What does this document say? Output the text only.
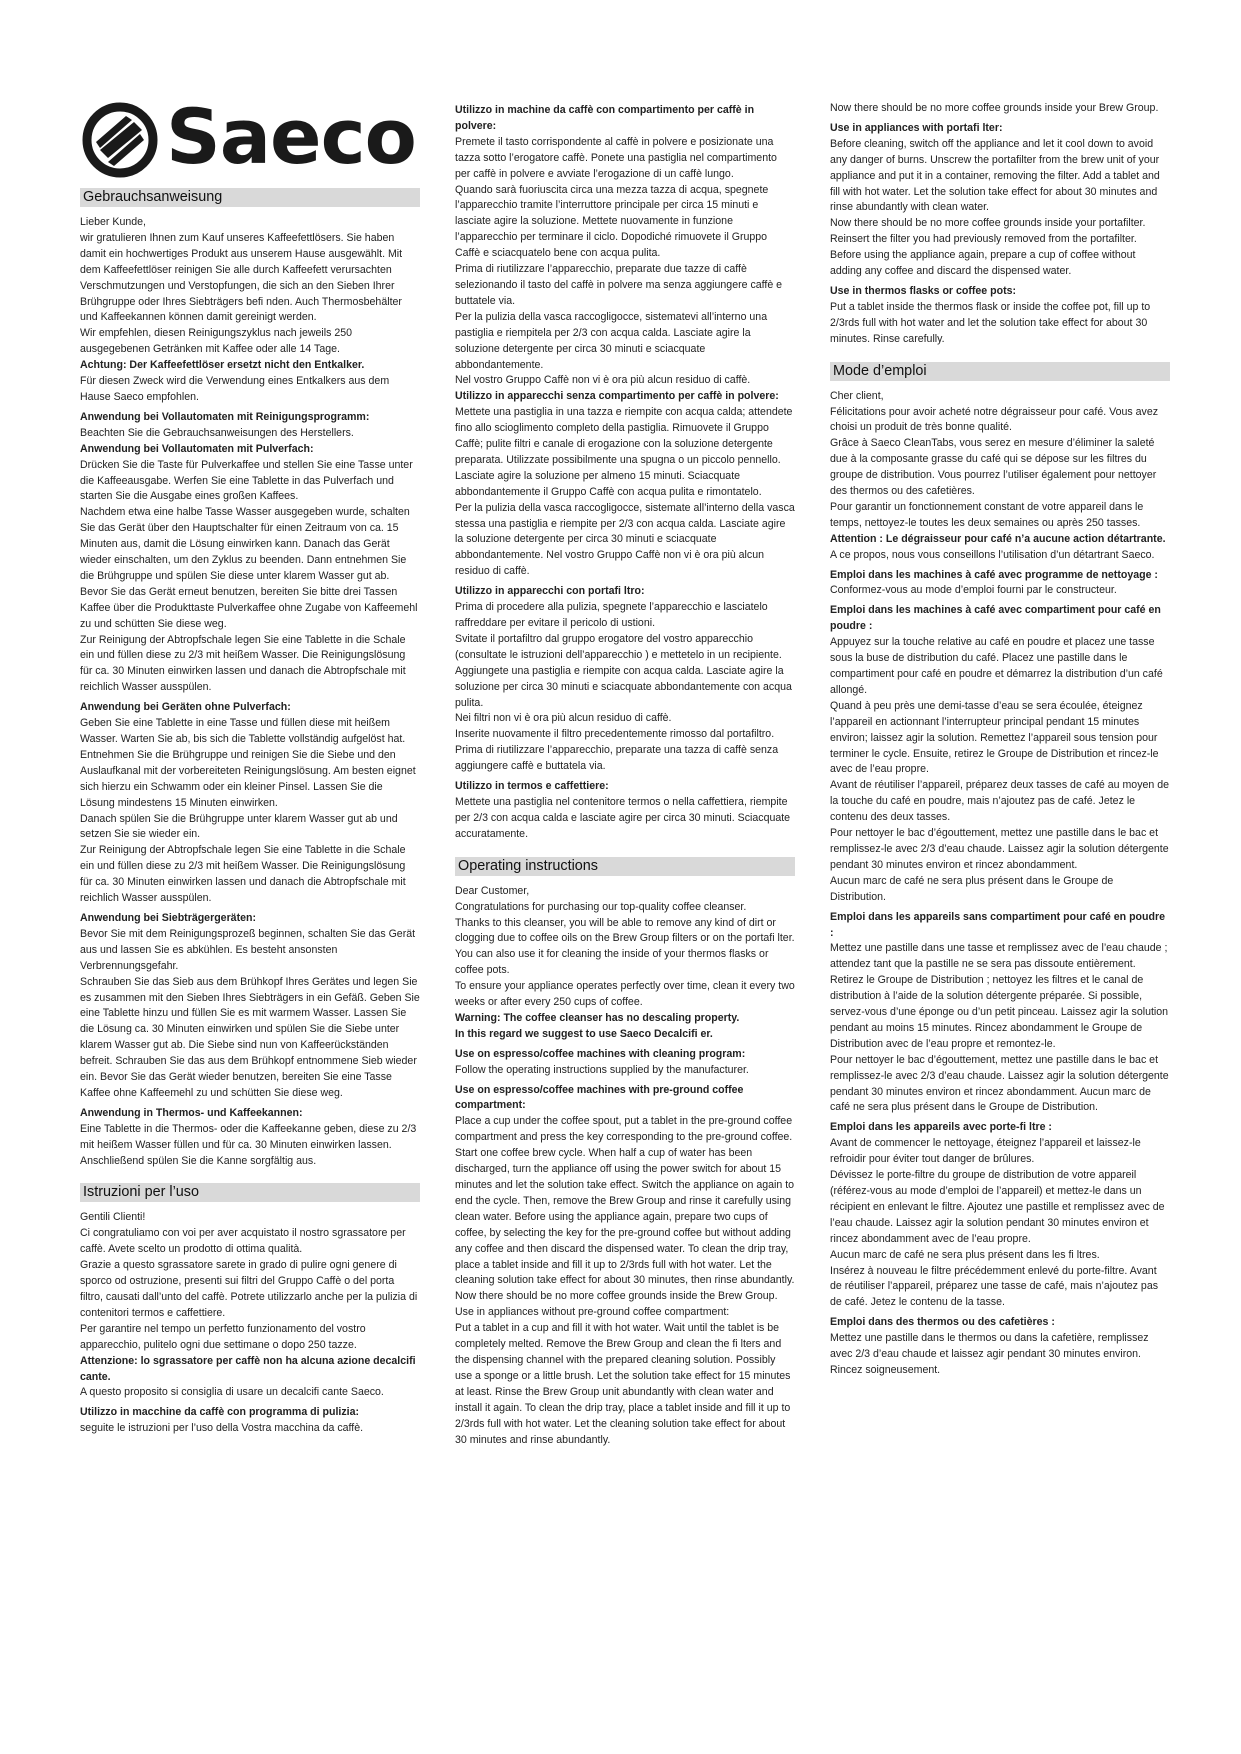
Saeco
Gebrauchsanweisung

Lieber Kunde,

wir gratulieren Ihnen zum Kauf unseres Kaffeefettlösers. Sie haben damit ein hochwertiges Produkt aus unserem Hause ausgewählt. Mit dem Kaffeefettlöser reinigen Sie alle durch Kaffeefett verursachten Verschmutzungen und Verstopfungen, die sich an den Sieben Ihrer Brühgruppe oder Ihres Siebträgers befi nden. Auch Thermosbehälter und Kaffeekannen können damit gereinigt werden.

Wir empfehlen, diesen Reinigungszyklus nach jeweils 250 ausgegebenen Getränken mit Kaffee oder alle 14 Tage.

Achtung: Der Kaffeefettlöser ersetzt nicht den Entkalker.

Für diesen Zweck wird die Verwendung eines Entkalkers aus dem Hause Saeco empfohlen.

Anwendung bei Vollautomaten mit Reinigungsprogramm:

Beachten Sie die Gebrauchsanweisungen des Herstellers.

Anwendung bei Vollautomaten mit Pulverfach:

Drücken Sie die Taste für Pulverkaffee und stellen Sie eine Tasse unter die Kaffeeausgabe. Werfen Sie eine Tablette in das Pulverfach und starten Sie die Ausgabe eines großen Kaffees.

Nachdem etwa eine halbe Tasse Wasser ausgegeben wurde, schalten Sie das Gerät über den Hauptschalter für einen Zeitraum von ca. 15 Minuten aus, damit die Lösung einwirken kann. Danach das Gerät wieder einschalten, um den Zyklus zu beenden. Dann entnehmen Sie die Brühgruppe und spülen Sie diese unter klarem Wasser gut ab.

Bevor Sie das Gerät erneut benutzen, bereiten Sie bitte drei Tassen Kaffee über die Produkttaste Pulverkaffee ohne Zugabe von Kaffeemehl zu und schütten Sie diese weg.

Zur Reinigung der Abtropfschale legen Sie eine Tablette in die Schale ein und füllen diese zu 2/3 mit heißem Wasser. Die Reinigungslösung für ca. 30 Minuten einwirken lassen und danach die Abtropfschale mit reichlich Wasser ausspülen.

Anwendung bei Geräten ohne Pulverfach:

Geben Sie eine Tablette in eine Tasse und füllen diese mit heißem Wasser. Warten Sie ab, bis sich die Tablette vollständig aufgelöst hat. Entnehmen Sie die Brühgruppe und reinigen Sie die Siebe und den Auslaufkanal mit der vorbereiteten Reinigungslösung. Am besten eignet sich hierzu ein Schwamm oder ein kleiner Pinsel. Lassen Sie die Lösung mindestens 15 Minuten einwirken.

Danach spülen Sie die Brühgruppe unter klarem Wasser gut ab und setzen Sie sie wieder ein.

Zur Reinigung der Abtropfschale legen Sie eine Tablette in die Schale ein und füllen diese zu 2/3 mit heißem Wasser. Die Reinigungslösung für ca. 30 Minuten einwirken lassen und danach die Abtropfschale mit reichlich Wasser ausspülen.

Anwendung bei Siebträgergeräten:

Bevor Sie mit dem Reinigungsprozeß beginnen, schalten Sie das Gerät aus und lassen Sie es abkühlen. Es besteht ansonsten Verbrennungsgefahr.

Schrauben Sie das Sieb aus dem Brühkopf Ihres Gerätes und legen Sie es zusammen mit den Sieben Ihres Siebträgers in ein Gefäß. Geben Sie eine Tablette hinzu und füllen Sie es mit warmem Wasser. Lassen Sie die Lösung ca. 30 Minuten einwirken und spülen Sie die Siebe unter klarem Wasser gut ab. Die Siebe sind nun von Kaffeerückständen befreit. Schrauben Sie das aus dem Brühkopf entnommene Sieb wieder ein. Bevor Sie das Gerät wieder benutzen, bereiten Sie eine Tasse Kaffee ohne Kaffeemehl zu und schütten Sie diese weg.

Anwendung in Thermos- und Kaffeekannen:

Eine Tablette in die Thermos- oder die Kaffeekanne geben, diese zu 2/3 mit heißem Wasser füllen und für ca. 30 Minuten einwirken lassen. Anschließend spülen Sie die Kanne sorgfältig aus.

Istruzioni per l’uso

Gentili Clienti!

Ci congratuliamo con voi per aver acquistato il nostro sgrassatore per caffè. Avete scelto un prodotto di ottima qualità.

Grazie a questo sgrassatore sarete in grado di pulire ogni genere di sporco od ostruzione, presenti sui filtri del Gruppo Caffè o del porta filtro, causati dall’unto del caffè. Potrete utilizzarlo anche per la pulizia di contenitori termos e caffettiere.

Per garantire nel tempo un perfetto funzionamento del vostro apparecchio, pulitelo ogni due settimane o dopo 250 tazze.

Attenzione: lo sgrassatore per caffè non ha alcuna azione decalcifi cante.

A questo proposito si consiglia di usare un decalcifi cante Saeco.

Utilizzo in macchine da caffè con programma di pulizia:

seguite le istruzioni per l’uso della Vostra macchina da caffè.

Utilizzo in machine da caffè con compartimento per caffè in polvere:

Premete il tasto corrispondente al caffè in polvere e posizionate una tazza sotto l’erogatore caffè. Ponete una pastiglia nel compartimento per caffè in polvere e avviate l’erogazione di un caffè lungo.

Quando sarà fuoriuscita circa una mezza tazza di acqua, spegnete l’apparecchio tramite l’interruttore principale per circa 15 minuti e lasciate agire la soluzione. Mettete nuovamente in funzione l’apparecchio per terminare il ciclo. Dopodiché rimuovete il Gruppo Caffè e sciacquatelo bene con acqua pulita.

Prima di riutilizzare l’apparecchio, preparate due tazze di caffè selezionando il tasto del caffè in polvere ma senza aggiungere caffè e buttatele via.

Per la pulizia della vasca raccogligocce, sistematevi all’interno una pastiglia e riempitela per 2/3 con acqua calda. Lasciate agire la soluzione detergente per circa 30 minuti e sciacquate abbondantemente.

Nel vostro Gruppo Caffè non vi è ora più alcun residuo di caffè.

Utilizzo in apparecchi senza compartimento per caffè in polvere:

Mettete una pastiglia in una tazza e riempite con acqua calda; attendete fino allo scioglimento completo della pastiglia. Rimuovete il Gruppo Caffè; pulite filtri e canale di erogazione con la soluzione detergente preparata. Utilizzate possibilmente una spugna o un piccolo pennello. Lasciate agire la soluzione per almeno 15 minuti. Sciacquate abbondantemente il Gruppo Caffè con acqua pulita e rimontatelo.

Per la pulizia della vasca raccogligocce, sistemate all’interno della vasca stessa una pastiglia e riempite per 2/3 con acqua calda. Lasciate agire la soluzione detergente per circa 30 minuti e sciacquate abbondantemente. Nel vostro Gruppo Caffè non vi è ora più alcun residuo di caffè.

Utilizzo in apparecchi con portafi ltro:

Prima di procedere alla pulizia, spegnete l’apparecchio e lasciatelo raffreddare per evitare il pericolo di ustioni.

Svitate il portafiltro dal gruppo erogatore del vostro apparecchio (consultate le istruzioni dell’apparecchio ) e mettetelo in un recipiente. Aggiungete una pastiglia e riempite con acqua calda. Lasciate agire la soluzione per circa 30 minuti e sciacquate abbondantemente con acqua pulita.

Nei filtri non vi è ora più alcun residuo di caffè.

Inserite nuovamente il filtro precedentemente rimosso dal portafiltro.

Prima di riutilizzare l’apparecchio, preparate una tazza di caffè senza aggiungere caffè e buttatela via.

Utilizzo in termos e caffettiere:

Mettete una pastiglia nel contenitore termos o nella caffettiera, riempite per 2/3 con acqua calda e lasciate agire per circa 30 minuti. Sciacquate accuratamente.

Operating instructions

Dear Customer,

Congratulations for purchasing our top-quality coffee cleanser.

Thanks to this cleanser, you will be able to remove any kind of dirt or clogging due to coffee oils on the Brew Group filters or on the portafi lter.

You can also use it for cleaning the inside of your thermos flasks or coffee pots.

To ensure your appliance operates perfectly over time, clean it every two weeks or after every 250 cups of coffee.

Warning: The coffee cleanser has no descaling property.

In this regard we suggest to use Saeco Decalcifi er.

Use on espresso/coffee machines with cleaning program:

Follow the operating instructions supplied by the manufacturer.

Use on espresso/coffee machines with pre-ground coffee compartment:

Place a cup under the coffee spout, put a tablet in the pre-ground coffee compartment and press the key corresponding to the pre-ground coffee. Start one coffee brew cycle. When half a cup of water has been discharged, turn the appliance off using the power switch for about 15 minutes and let the solution take effect. Switch the appliance on again to end the cycle. Then, remove the Brew Group and rinse it carefully using clean water. Before using the appliance again, prepare two cups of coffee, by selecting the key for the pre-ground coffee but without adding any coffee and then discard the dispensed water. To clean the drip tray, place a tablet inside and fill it up to 2/3rds full with hot water. Let the cleaning solution take effect for about 30 minutes, then rinse abundantly.

Now there should be no more coffee grounds inside the Brew Group.

Use in appliances without pre-ground coffee compartment:

Put a tablet in a cup and fill it with hot water. Wait until the tablet is be completely melted. Remove the Brew Group and clean the fi lters and the dispensing channel with the prepared cleaning solution. Possibly use a sponge or a little brush. Let the solution take effect for 15 minutes at least. Rinse the Brew Group unit abundantly with clean water and install it again. To clean the drip tray, place a tablet inside and fill it up to 2/3rds full with hot water. Let the cleaning solution take effect for about 30 minutes and rinse abundantly.

Now there should be no more coffee grounds inside your Brew Group.

Use in appliances with portafi lter:

Before cleaning, switch off the appliance and let it cool down to avoid any danger of burns. Unscrew the portafilter from the brew unit of your appliance and put it in a container, removing the filter. Add a tablet and fill with hot water. Let the solution take effect for about 30 minutes and rinse abundantly with clean water.

Now there should be no more coffee grounds inside your portafilter.

Reinsert the filter you had previously removed from the portafilter.

Before using the appliance again, prepare a cup of coffee without adding any coffee and discard the dispensed water.

Use in thermos flasks or coffee pots:

Put a tablet inside the thermos flask or inside the coffee pot, fill up to 2/3rds full with hot water and let the solution take effect for about 30 minutes. Rinse carefully.

Mode d’emploi

Cher client,

Félicitations pour avoir acheté notre dégraisseur pour café. Vous avez choisi un produit de très bonne qualité.

Grâce à Saeco CleanTabs, vous serez en mesure d’éliminer la saleté due à la composante grasse du café qui se dépose sur les filtres du groupe de distribution. Vous pourrez l’utiliser également pour nettoyer des thermos ou des cafetières.

Pour garantir un fonctionnement constant de votre appareil dans le temps, nettoyez-le toutes les deux semaines ou après 250 tasses.

Attention : Le dégraisseur pour café n’a aucune action détartrante.

A ce propos, nous vous conseillons l’utilisation d’un détartrant Saeco.

Emploi dans les machines à café avec programme de nettoyage :

Conformez-vous au mode d’emploi fourni par le constructeur.

Emploi dans les machines à café avec compartiment pour café en poudre :

Appuyez sur la touche relative au café en poudre et placez une tasse sous la buse de distribution du café. Placez une pastille dans le compartiment pour café en poudre et démarrez la distribution d’un café allongé.

Quand à peu près une demi-tasse d’eau se sera écoulée, éteignez l’appareil en actionnant l’interrupteur principal pendant 15 minutes environ; laissez agir la solution. Remettez l’appareil sous tension pour terminer le cycle. Ensuite, retirez le Groupe de Distribution et rincez-le avec de l’eau propre.

Avant de réutiliser l’appareil, préparez deux tasses de café au moyen de la touche du café en poudre, mais n’ajoutez pas de café. Jetez le contenu des deux tasses.

Pour nettoyer le bac d’égouttement, mettez une pastille dans le bac et remplissez-le avec 2/3 d’eau chaude. Laissez agir la solution détergente pendant 30 minutes environ et rincez abondamment.

Aucun marc de café ne sera plus présent dans le Groupe de Distribution.

Emploi dans les appareils sans compartiment pour café en poudre :

Mettez une pastille dans une tasse et remplissez avec de l’eau chaude ; attendez tant que la pastille ne se sera pas dissoute entièrement. Retirez le Groupe de Distribution ; nettoyez les filtres et le canal de distribution à l’aide de la solution détergente préparée. Si possible, servez-vous d’une éponge ou d’un petit pinceau. Laissez agir la solution pendant au moins 15 minutes. Rincez abondamment le Groupe de Distribution avec de l’eau propre et remontez-le.

Pour nettoyer le bac d’égouttement, mettez une pastille dans le bac et remplissez-le avec 2/3 d’eau chaude. Laissez agir la solution détergente pendant 30 minutes environ et rincez abondamment. Aucun marc de café ne sera plus présent dans le Groupe de Distribution.

Emploi dans les appareils avec porte-fi ltre :

Avant de commencer le nettoyage, éteignez l’appareil et laissez-le refroidir pour éviter tout danger de brûlures.

Dévissez le porte-filtre du groupe de distribution de votre appareil (référez-vous au mode d’emploi de l’appareil) et mettez-le dans un récipient en enlevant le filtre. Ajoutez une pastille et remplissez avec de l’eau chaude. Laissez agir la solution pendant 30 minutes environ et rincez abondamment avec de l’eau propre.

Aucun marc de café ne sera plus présent dans les fi ltres.

Insérez à nouveau le filtre précédemment enlevé du porte-filtre. Avant de réutiliser l’appareil, préparez une tasse de café, mais n’ajoutez pas de café. Jetez le contenu de la tasse.

Emploi dans des thermos ou des cafetières :

Mettez une pastille dans le thermos ou dans la cafetière, remplissez avec 2/3 d’eau chaude et laissez agir pendant 30 minutes environ. Rincez soigneusement.
